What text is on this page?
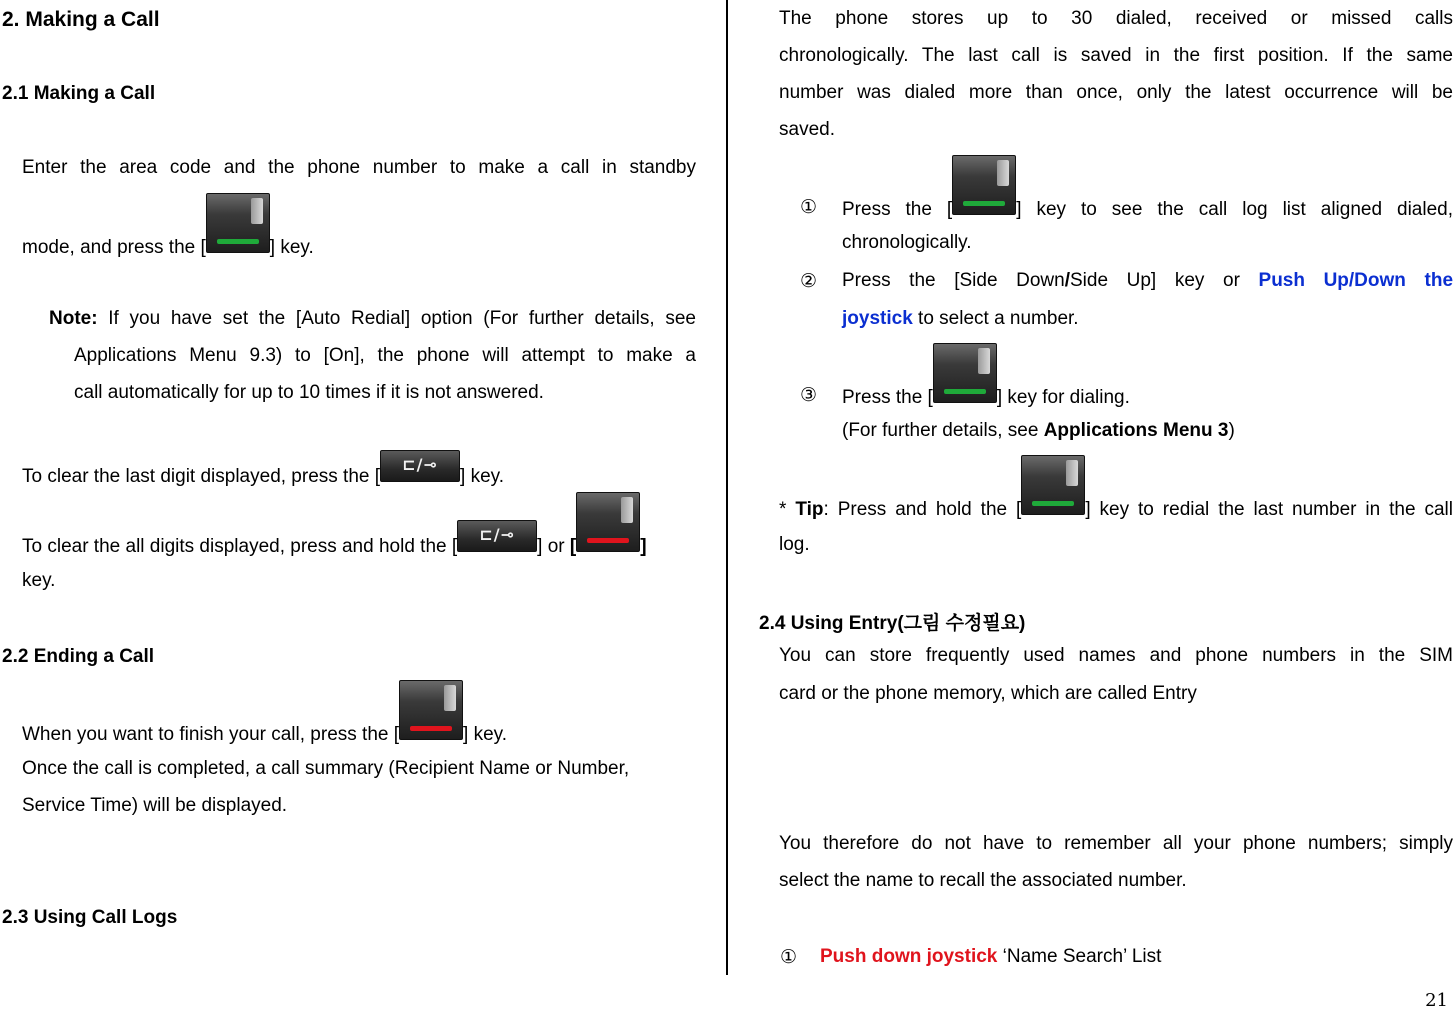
2. Making a Call
2.1 Making a Call
Enter the area code and the phone number to make a call in standby
mode, and press the [	] key.
Note: If you have set the [Auto Redial] option (For further details, see
Applications Menu 9.3) to [On], the phone will attempt to make a
call automatically for up to 10 times if it is not answered.
To clear the last digit displayed, press the [
⊏/⊸
] key.
To clear the all digits displayed, press and hold the [
⊏/⊸
] or [	]
key.
2.2 Ending a Call
When you want to finish your call, press the [	] key.
Once the call is completed, a call summary (Recipient Name or Number,
Service Time) will be displayed.
2.3 Using Call Logs
The phone stores up to 30 dialed, received or missed calls
chronologically. The last call is saved in the first position. If the same
number was dialed more than once, only the latest occurrence will be
saved.
① Press the [	] key to see the call log list aligned dialed,
chronologically.
② Press the [Side Down/Side Up] key or Push Up/Down the
joystick to select a number.
③ Press the [	] key for dialing.
(For further details, see Applications Menu 3)
* Tip: Press and hold the [	] key to redial the last number in the call
log.
2.4 Using Entry(그림 수정필요)
You can store frequently used names and phone numbers in the SIM
card or the phone memory, which are called Entry
You therefore do not have to remember all your phone numbers; simply
select the name to recall the associated number.
① Push down joystick ‘Name Search’ List
21
